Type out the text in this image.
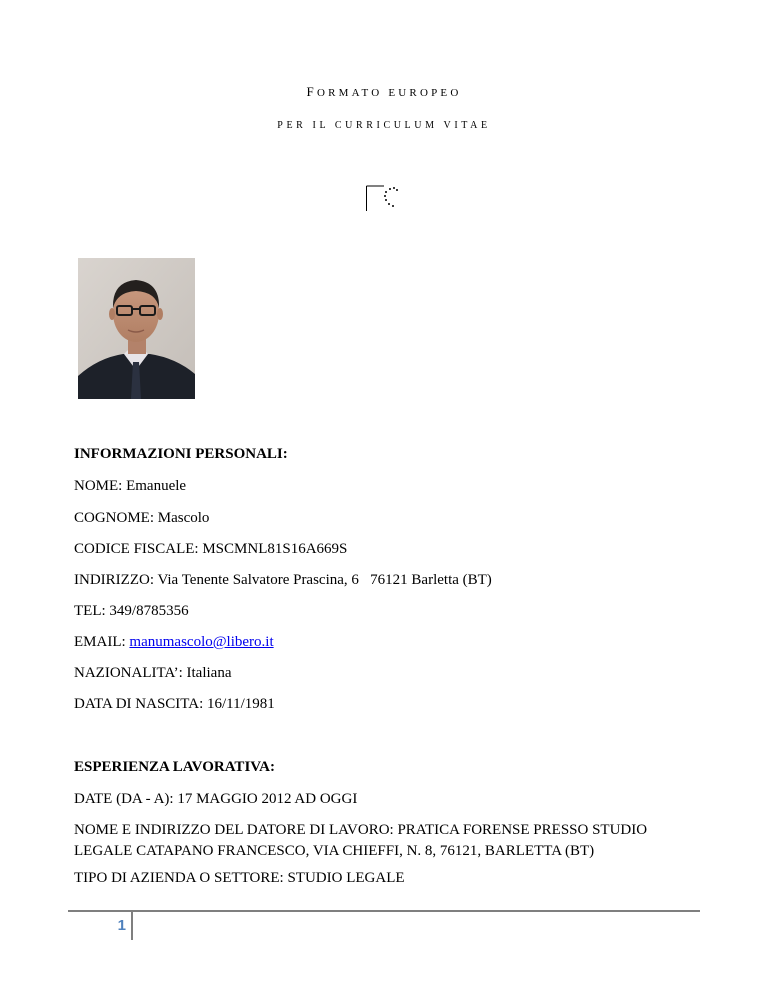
FORMATO EUROPEO
PER IL CURRICULUM VITAE
INFORMAZIONI PERSONALI:
NOME: Emanuele
COGNOME: Mascolo
CODICE FISCALE: MSCMNL81S16A669S
INDIRIZZO: Via Tenente Salvatore Prascina, 6   76121 Barletta (BT)
TEL: 349/8785356
EMAIL: manumascolo@libero.it
NAZIONALITA’: Italiana
DATA DI NASCITA: 16/11/1981
ESPERIENZA LAVORATIVA:
DATE (DA - A): 17 MAGGIO 2012 AD OGGI
NOME E INDIRIZZO DEL DATORE DI LAVORO: PRATICA FORENSE PRESSO STUDIO LEGALE CATAPANO FRANCESCO, VIA CHIEFFI, N. 8, 76121, BARLETTA (BT)
TIPO DI AZIENDA O SETTORE: STUDIO LEGALE
1
